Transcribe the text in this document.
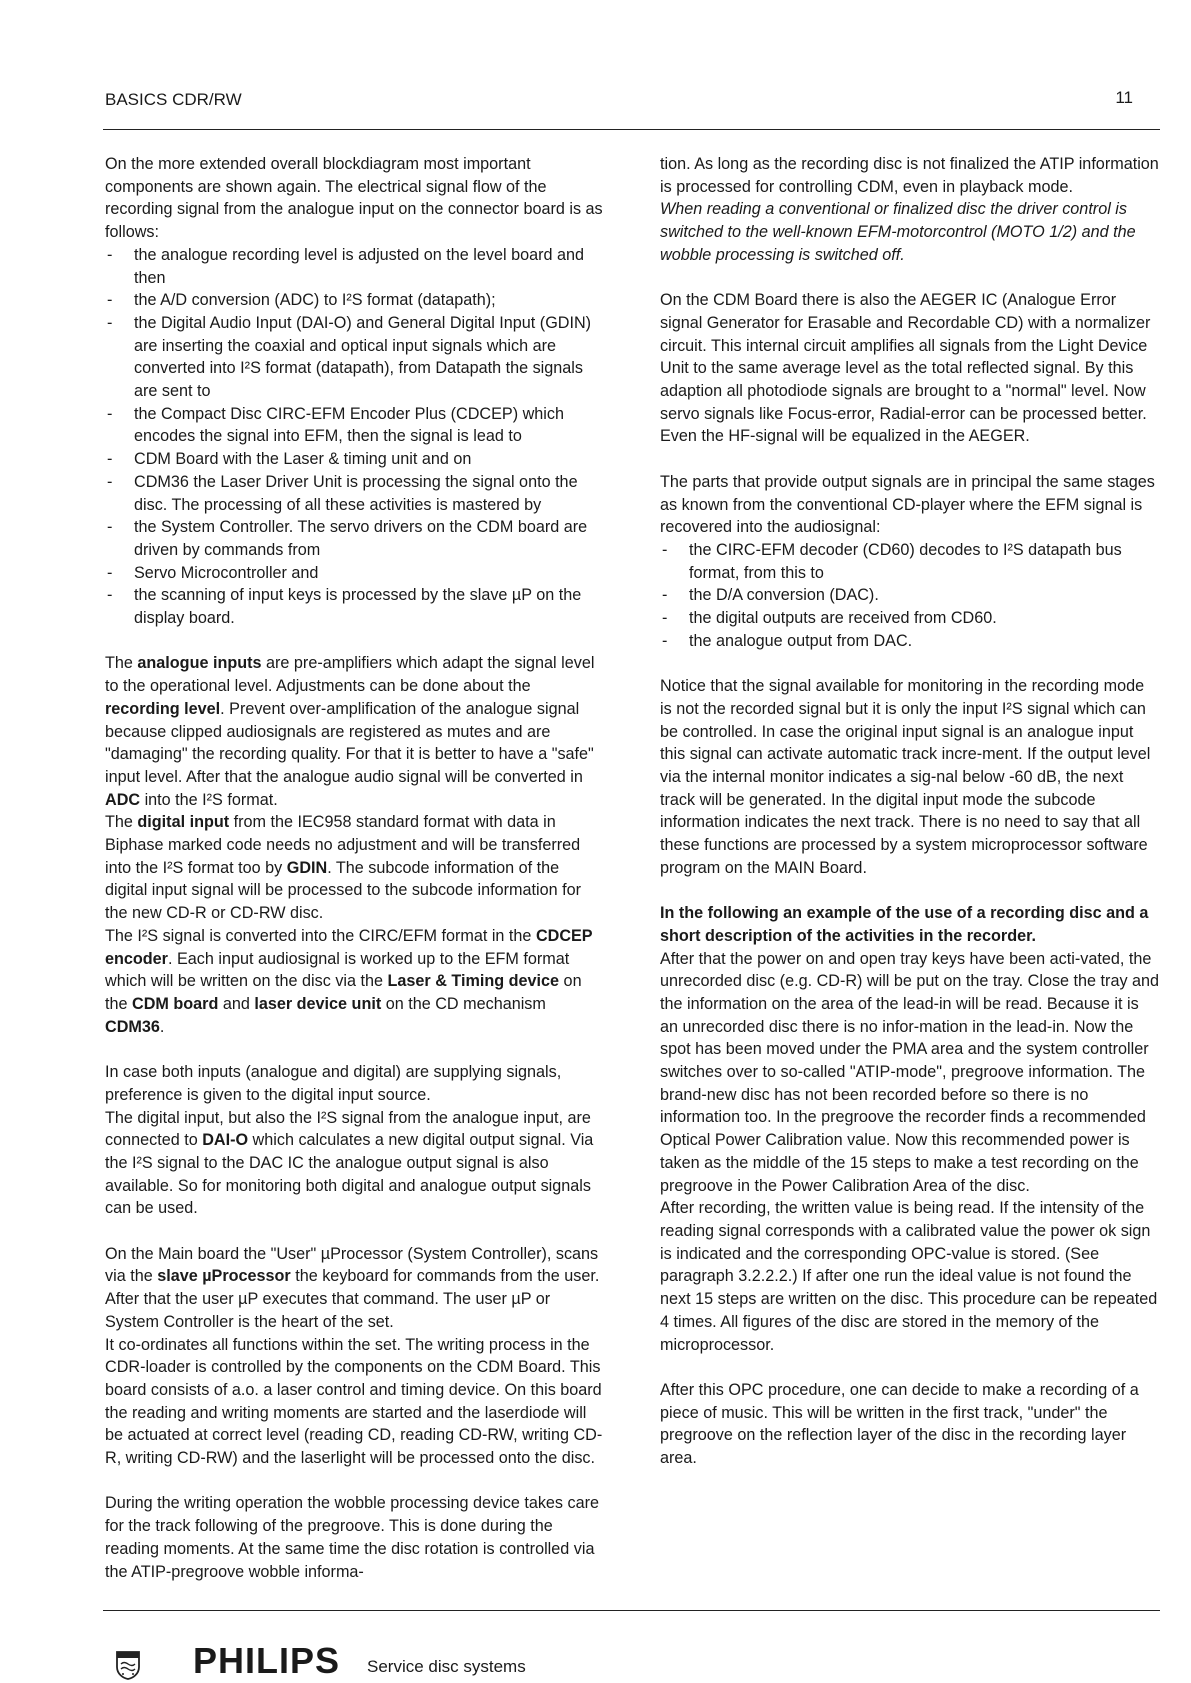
BASICS CDR/RW	11

On the more extended overall blockdiagram most important components are shown again. The electrical signal flow of the recording signal from the analogue input on the connector board is as follows:

- the analogue recording level is adjusted on the level board and then
- the A/D conversion (ADC) to I²S format (datapath);
- the Digital Audio Input (DAI-O) and General Digital Input (GDIN) are inserting the coaxial and optical input signals which are converted into I²S format (datapath), from Datapath the signals are sent to
- the Compact Disc CIRC-EFM Encoder Plus (CDCEP) which encodes the signal into EFM, then the signal is lead to
- CDM Board with the Laser & timing unit and on
- CDM36 the Laser Driver Unit is processing the signal onto the disc. The processing of all these activities is mastered by
- the System Controller. The servo drivers on the CDM board are driven by commands from
- Servo Microcontroller and
- the scanning of input keys is processed by the slave µP on the display board.

The analogue inputs are pre-amplifiers which adapt the signal level to the operational level. Adjustments can be done about the recording level. Prevent over-amplification of the analogue signal because clipped audiosignals are registered as mutes and are "damaging" the recording quality. For that it is better to have a "safe" input level. After that the analogue audio signal will be converted in ADC into the I²S format.

The digital input from the IEC958 standard format with data in Biphase marked code needs no adjustment and will be transferred into the I²S format too by GDIN. The subcode information of the digital input signal will be processed to the subcode information for the new CD-R or CD-RW disc.

The I²S signal is converted into the CIRC/EFM format in the CDCEP encoder. Each input audiosignal is worked up to the EFM format which will be written on the disc via the Laser & Timing device on the CDM board and laser device unit on the CD mechanism CDM36.

In case both inputs (analogue and digital) are supplying signals, preference is given to the digital input source.

The digital input, but also the I²S signal from the analogue input, are connected to DAI-O which calculates a new digital output signal. Via the I²S signal to the DAC IC the analogue output signal is also available. So for monitoring both digital and analogue output signals can be used.

On the Main board the "User" µProcessor (System Controller), scans via the slave µProcessor the keyboard for commands from the user. After that the user µP executes that command. The user µP or System Controller is the heart of the set.

It co-ordinates all functions within the set. The writing process in the CDR-loader is controlled by the components on the CDM Board. This board consists of a.o. a laser control and timing device. On this board the reading and writing moments are started and the laserdiode will be actuated at correct level (reading CD, reading CD-RW, writing CD-R, writing CD-RW) and the laserlight will be processed onto the disc.

During the writing operation the wobble processing device takes care for the track following of the pregroove. This is done during the reading moments. At the same time the disc rotation is controlled via the ATIP-pregroove wobble informa-

tion. As long as the recording disc is not finalized the ATIP information is processed for controlling CDM, even in playback mode.

When reading a conventional or finalized disc the driver control is switched to the well-known EFM-motorcontrol (MOTO 1/2) and the wobble processing is switched off.

On the CDM Board there is also the AEGER IC (Analogue Error signal Generator for Erasable and Recordable CD) with a normalizer circuit. This internal circuit amplifies all signals from the Light Device Unit to the same average level as the total reflected signal. By this adaption all photodiode signals are brought to a "normal" level. Now servo signals like Focus-error, Radial-error can be processed better. Even the HF-signal will be equalized in the AEGER.

The parts that provide output signals are in principal the same stages as known from the conventional CD-player where the EFM signal is recovered into the audiosignal:

- the CIRC-EFM decoder (CD60) decodes to I²S datapath bus format, from this to
- the D/A conversion (DAC).
- the digital outputs are received from CD60.
- the analogue output from DAC.

Notice that the signal available for monitoring in the recording mode is not the recorded signal but it is only the input I²S signal which can be controlled. In case the original input signal is an analogue input this signal can activate automatic track incre-ment. If the output level via the internal monitor indicates a sig-nal below -60 dB, the next track will be generated. In the digital input mode the subcode information indicates the next track. There is no need to say that all these functions are processed by a system microprocessor software program on the MAIN Board.

In the following an example of the use of a recording disc and a short description of the activities in the recorder.

After that the power on and open tray keys have been acti-vated, the unrecorded disc (e.g. CD-R) will be put on the tray. Close the tray and the information on the area of the lead-in will be read. Because it is an unrecorded disc there is no infor-mation in the lead-in. Now the spot has been moved under the PMA area and the system controller switches over to so-called "ATIP-mode", pregroove information. The brand-new disc has not been recorded before so there is no information too. In the pregroove the recorder finds a recommended Optical Power Calibration value. Now this recommended power is taken as the middle of the 15 steps to make a test recording on the pregroove in the Power Calibration Area of the disc.

After recording, the written value is being read. If the intensity of the reading signal corresponds with a calibrated value the power ok sign is indicated and the corresponding OPC-value is stored. (See paragraph 3.2.2.2.) If after one run the ideal value is not found the next 15 steps are written on the disc. This procedure can be repeated 4 times. All figures of the disc are stored in the memory of the microprocessor.

After this OPC procedure, one can decide to make a recording of a piece of music. This will be written in the first track, "under" the pregroove on the reflection layer of the disc in the recording layer area.

PHILIPS Service disc systems
